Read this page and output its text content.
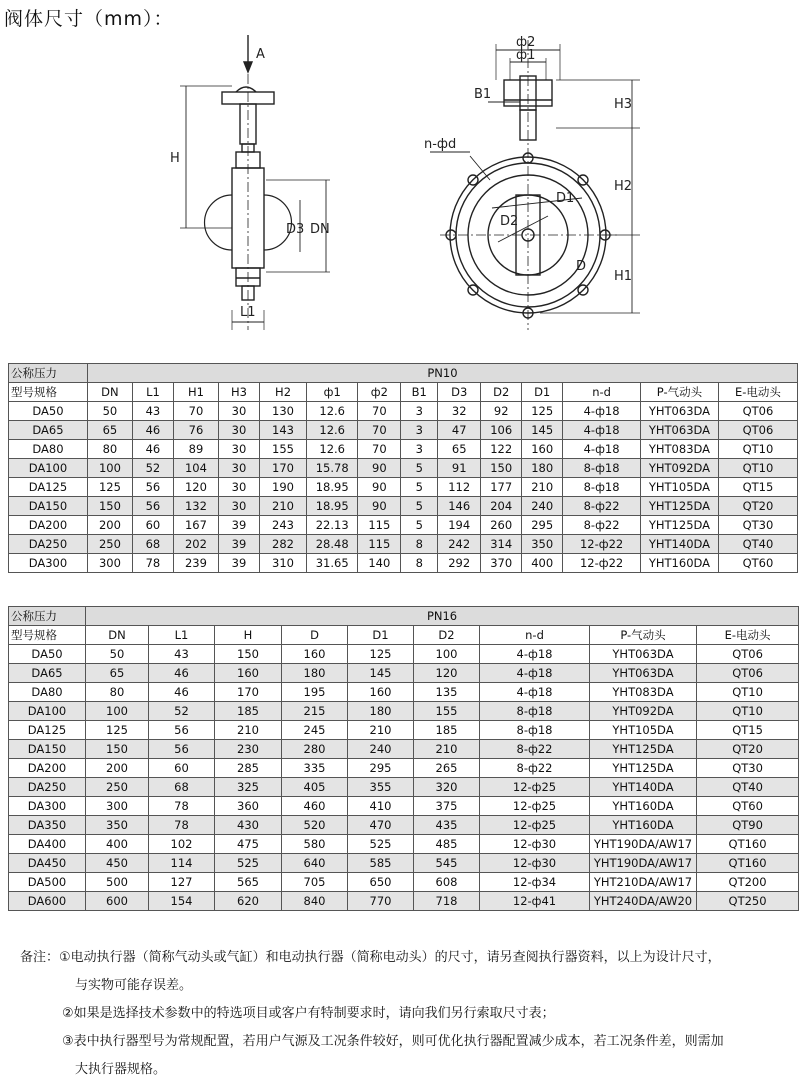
阀体尺寸（mm）：
A
H
D3 DN
L1
ф2
ф1
B1
H3
n-фd
H2
D2
D1
D
H1
公称压力	PN10													
型号规格	DN	L1	H1	H3	H2	ф1	ф2	B1	D3	D2	D1	n-d	P-气动头	E-电动头
DA50	50	43	70	30	130	12.6	70	3	32	92	125	4-ф18	YHT063DA	QT06
DA65	65	46	76	30	143	12.6	70	3	47	106	145	4-ф18	YHT063DA	QT06
DA80	80	46	89	30	155	12.6	70	3	65	122	160	4-ф18	YHT083DA	QT10
DA100	100	52	104	30	170	15.78	90	5	91	150	180	8-ф18	YHT092DA	QT10
DA125	125	56	120	30	190	18.95	90	5	112	177	210	8-ф18	YHT105DA	QT15
DA150	150	56	132	30	210	18.95	90	5	146	204	240	8-ф22	YHT125DA	QT20
DA200	200	60	167	39	243	22.13	115	5	194	260	295	8-ф22	YHT125DA	QT30
DA250	250	68	202	39	282	28.48	115	8	242	314	350	12-ф22	YHT140DA	QT40
DA300	300	78	239	39	310	31.65	140	8	292	370	400	12-ф22	YHT160DA	QT60
公称压力	PN16								
型号规格	DN	L1	H	D	D1	D2	n-d	P-气动头	E-电动头
DA50	50	43	150	160	125	100	4-ф18	YHT063DA	QT06
DA65	65	46	160	180	145	120	4-ф18	YHT063DA	QT06
DA80	80	46	170	195	160	135	4-ф18	YHT083DA	QT10
DA100	100	52	185	215	180	155	8-ф18	YHT092DA	QT10
DA125	125	56	210	245	210	185	8-ф18	YHT105DA	QT15
DA150	150	56	230	280	240	210	8-ф22	YHT125DA	QT20
DA200	200	60	285	335	295	265	8-ф22	YHT125DA	QT30
DA250	250	68	325	405	355	320	12-ф25	YHT140DA	QT40
DA300	300	78	360	460	410	375	12-ф25	YHT160DA	QT60
DA350	350	78	430	520	470	435	12-ф25	YHT160DA	QT90
DA400	400	102	475	580	525	485	12-ф30	YHT190DA/AW17	QT160
DA450	450	114	525	640	585	545	12-ф30	YHT190DA/AW17	QT160
DA500	500	127	565	705	650	608	12-ф34	YHT210DA/AW17	QT200
DA600	600	154	620	840	770	718	12-ф41	YHT240DA/AW20	QT250
备注：①电动执行器（简称气动头或气缸）和电动执行器（简称电动头）的尺寸，请另查阅执行器资料，以上为设计尺寸，
与实物可能存误差。
②如果是选择技术参数中的特选项目或客户有特制要求时，请向我们另行索取尺寸表；
③表中执行器型号为常规配置，若用户气源及工况条件较好，则可优化执行器配置减少成本，若工况条件差，则需加
大执行器规格。
